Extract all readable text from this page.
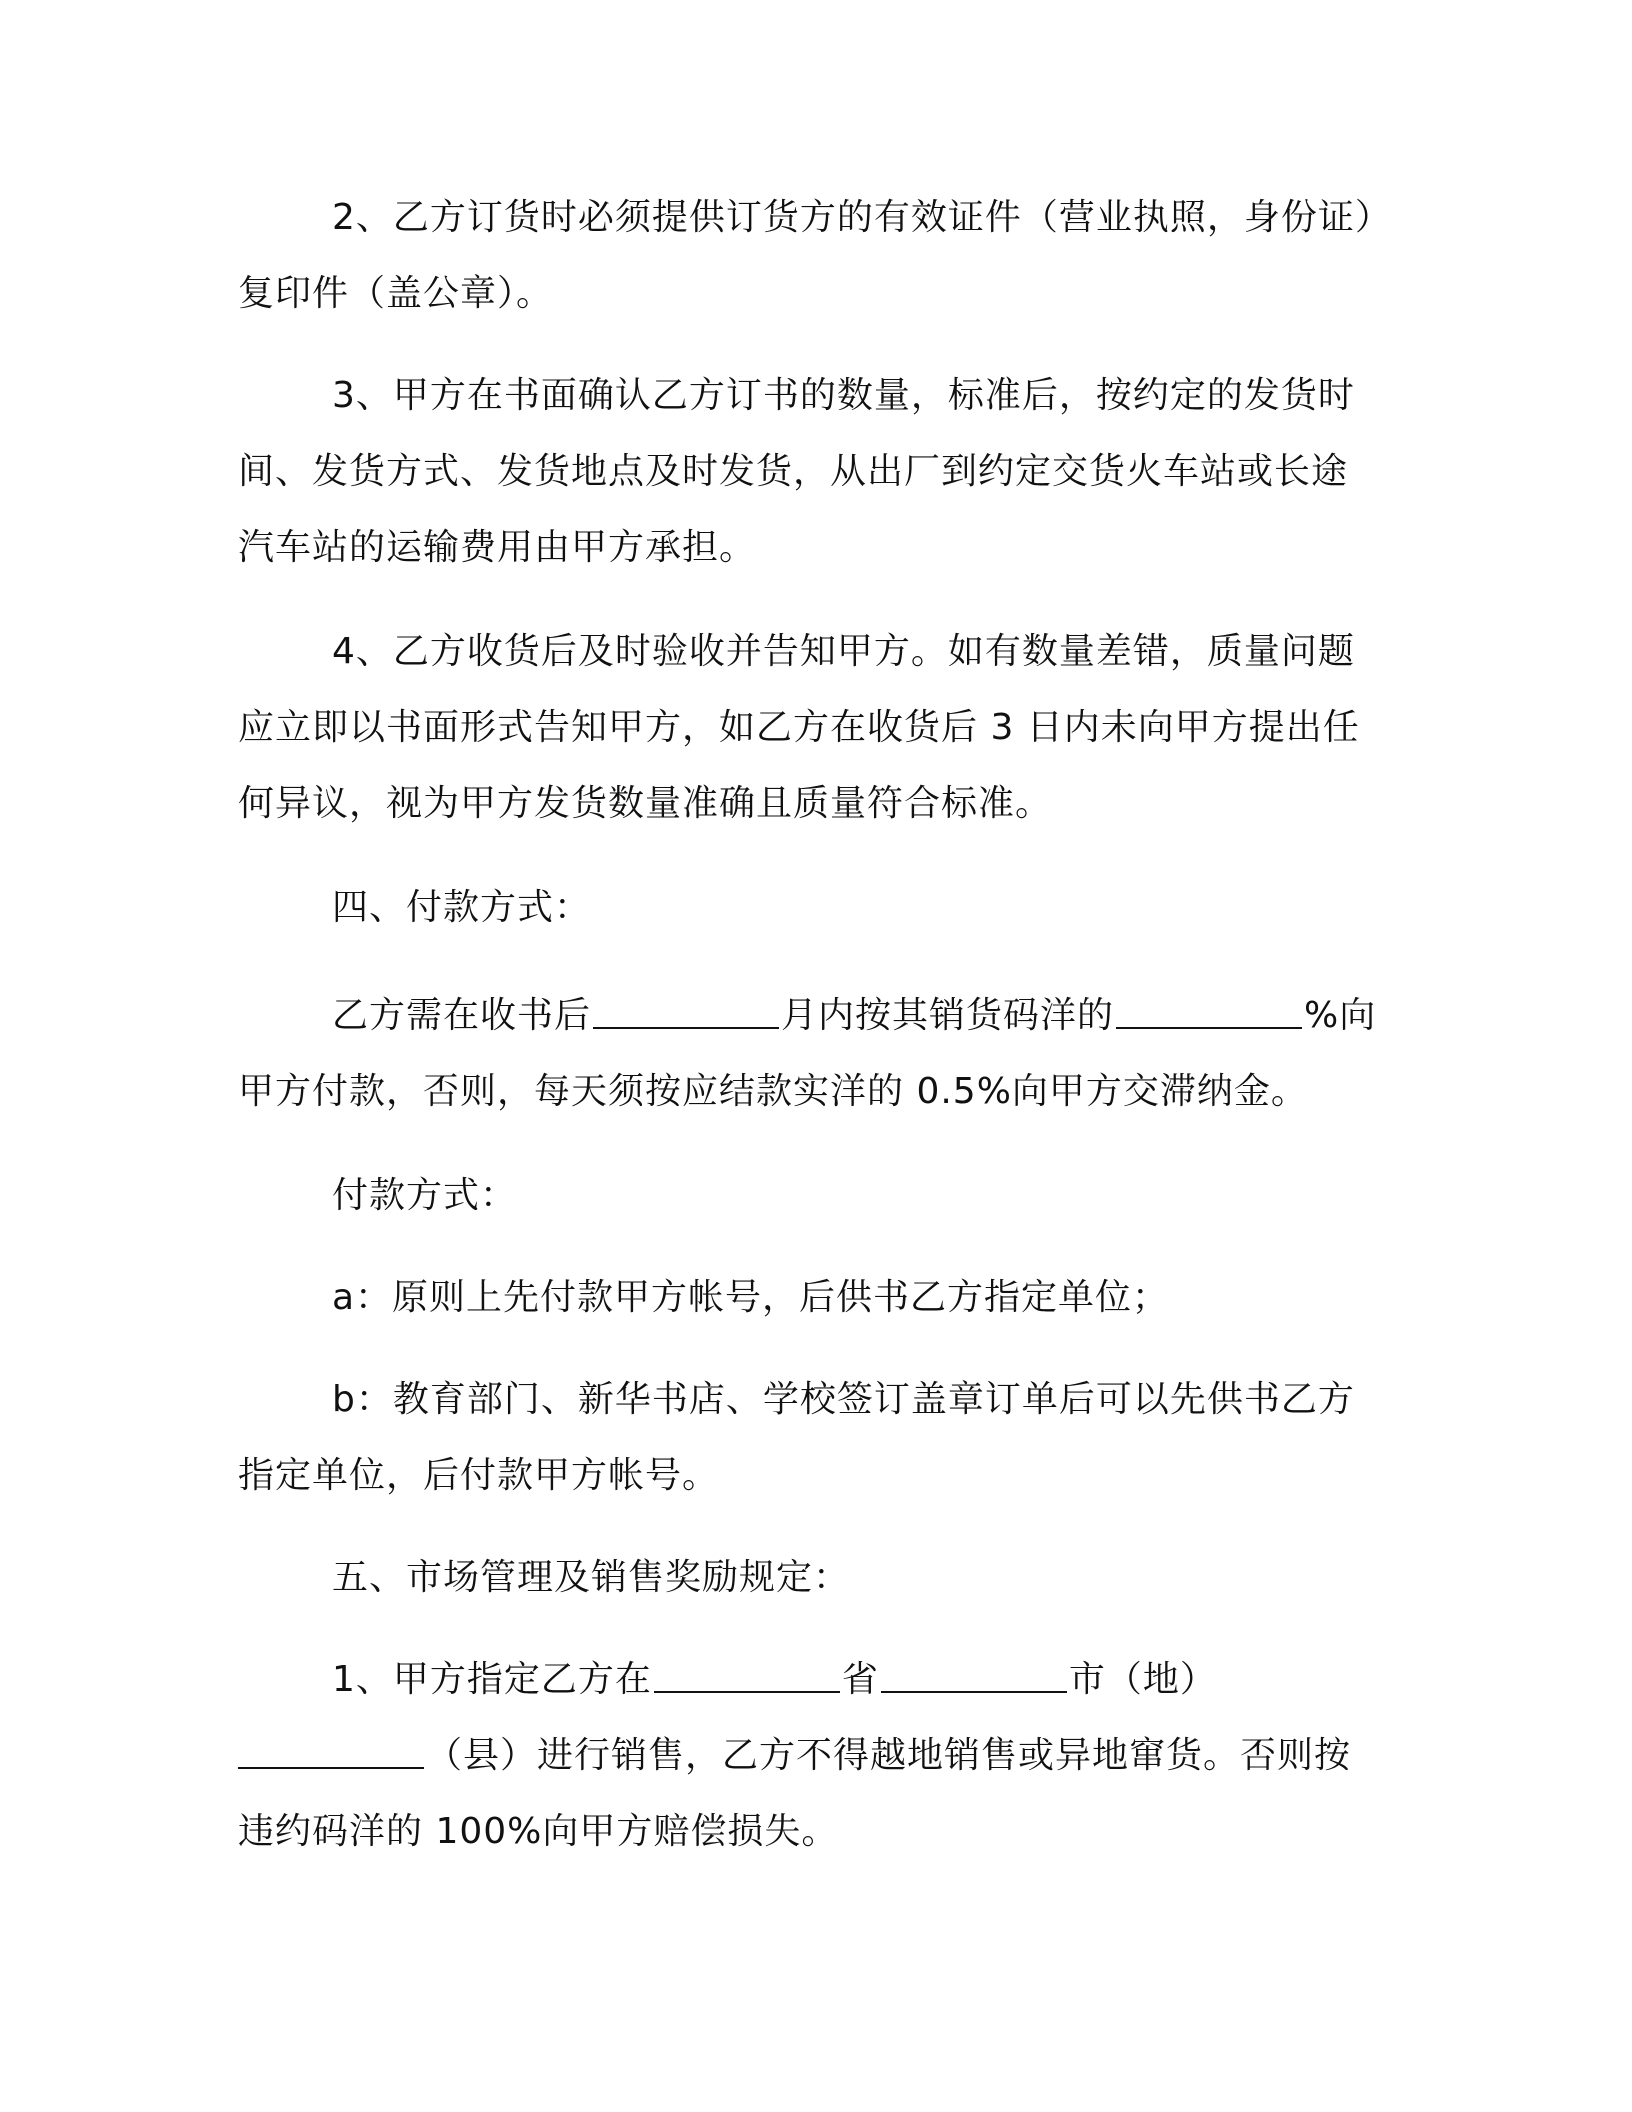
2、乙方订货时必须提供订货方的有效证件（营业执照，身份证）
复印件（盖公章）。
3、甲方在书面确认乙方订书的数量，标准后，按约定的发货时
间、发货方式、发货地点及时发货，从出厂到约定交货火车站或长途
汽车站的运输费用由甲方承担。
4、乙方收货后及时验收并告知甲方。如有数量差错，质量问题
应立即以书面形式告知甲方，如乙方在收货后 3 日内未向甲方提出任
何异议，视为甲方发货数量准确且质量符合标准。
四、付款方式：
乙方需在收书后	月内按其销货码洋的	%向
甲方付款，否则，每天须按应结款实洋的 0.5%向甲方交滞纳金。
付款方式：
a：原则上先付款甲方帐号，后供书乙方指定单位；
b：教育部门、新华书店、学校签订盖章订单后可以先供书乙方
指定单位，后付款甲方帐号。
五、市场管理及销售奖励规定：
1、甲方指定乙方在	省	市（地）
（县）进行销售，乙方不得越地销售或异地窜货。否则按
违约码洋的 100%向甲方赔偿损失。
